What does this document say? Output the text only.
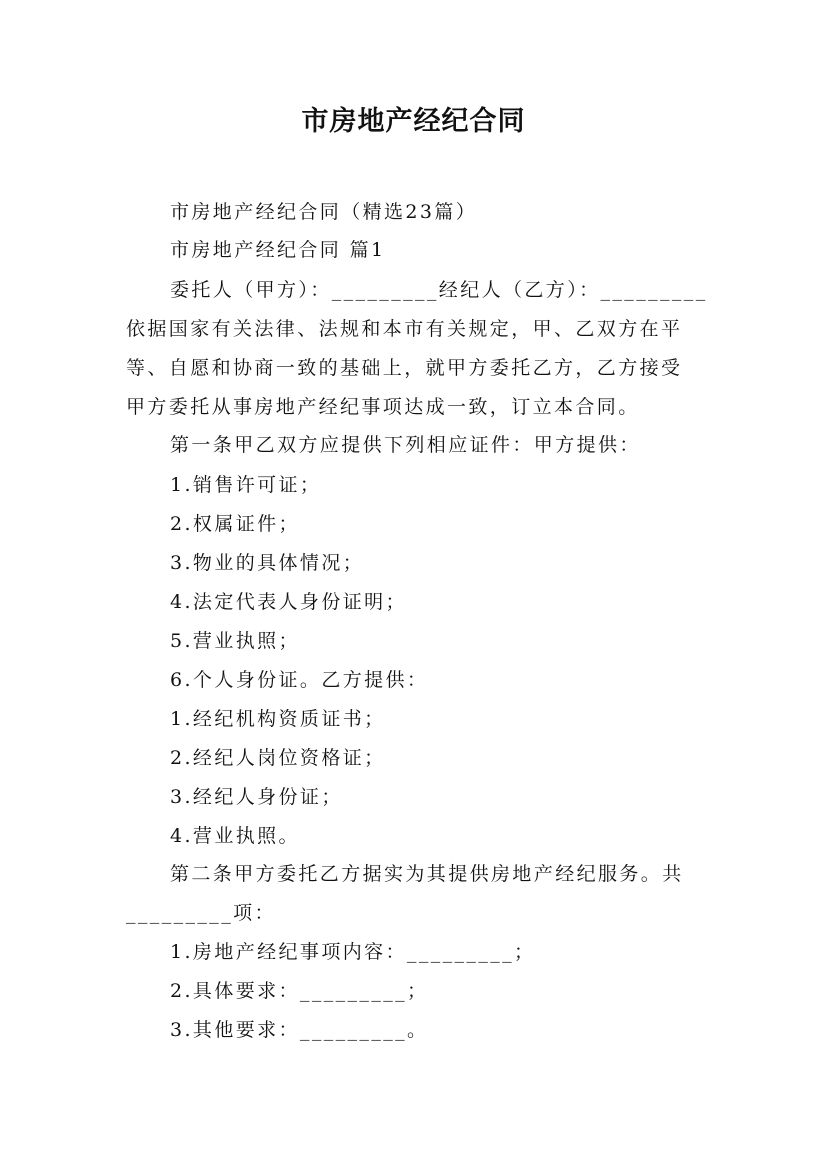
市房地产经纪合同
市房地产经纪合同（精选23篇）
市房地产经纪合同 篇1
委托人（甲方）：_________经纪人（乙方）：_________
依据国家有关法律、法规和本市有关规定，甲、乙双方在平
等、自愿和协商一致的基础上，就甲方委托乙方，乙方接受
甲方委托从事房地产经纪事项达成一致，订立本合同。
第一条甲乙双方应提供下列相应证件：甲方提供：
1.销售许可证；
2.权属证件；
3.物业的具体情况；
4.法定代表人身份证明；
5.营业执照；
6.个人身份证。乙方提供：
1.经纪机构资质证书；
2.经纪人岗位资格证；
3.经纪人身份证；
4.营业执照。
第二条甲方委托乙方据实为其提供房地产经纪服务。共
_________项：
1.房地产经纪事项内容：_________；
2.具体要求：_________；
3.其他要求：_________。
